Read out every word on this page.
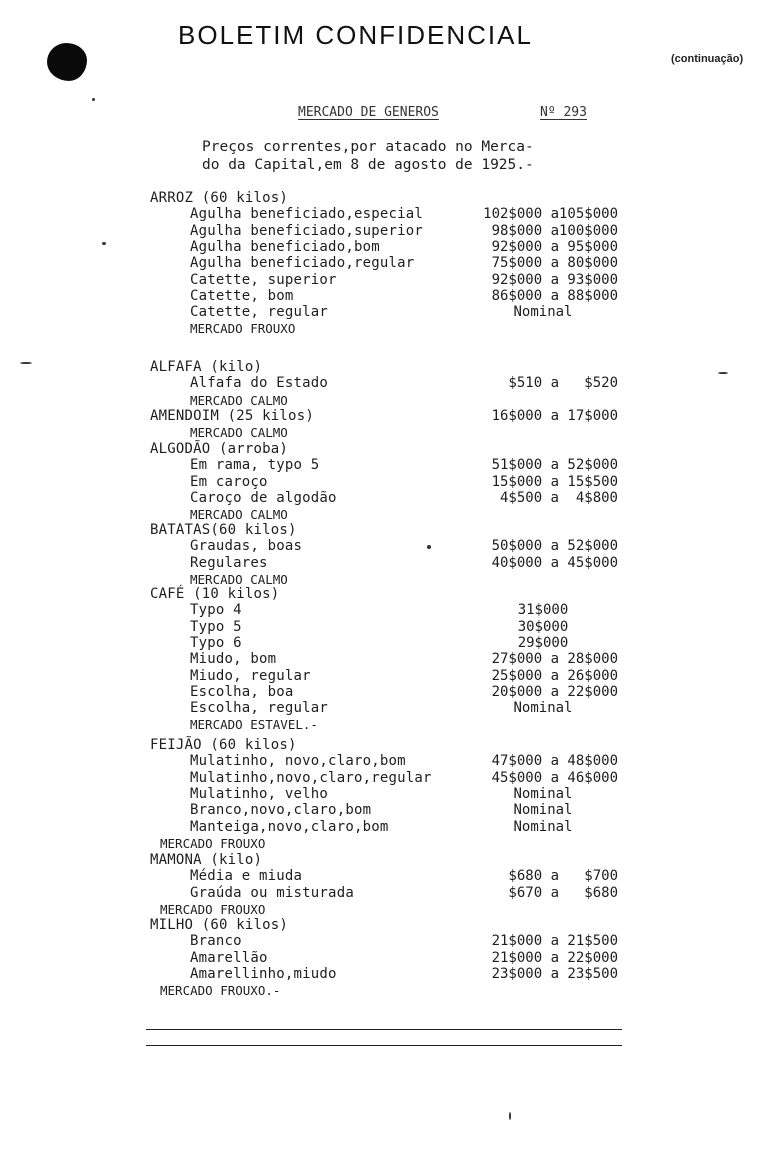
BOLETIM CONFIDENCIAL
(continuação)
MERCADO DE GENEROS	Nº 293
Preços correntes,por atacado no Merca-
do da Capital,em 8 de agosto de 1925.-
ARROZ (60 kilos)
Agulha beneficiado,especial	102$000 a105$000
Agulha beneficiado,superior	98$000 a100$000
Agulha beneficiado,bom	92$000 a 95$000
Agulha beneficiado,regular	75$000 a 80$000
Catette, superior	92$000 a 93$000
Catette, bom	86$000 a 88$000
Catette, regular	Nominal
MERCADO FROUXO
ALFAFA (kilo)
Alfafa do Estado	$510 a   $520
MERCADO CALMO
AMENDOIM (25 kilos)	16$000 a 17$000
MERCADO CALMO
ALGODÃO (arroba)
Em rama, typo 5	51$000 a 52$000
Em caroço	15$000 a 15$500
Caroço de algodão	4$500 a  4$800
MERCADO CALMO
BATATAS(60 kilos)
Graudas, boas	50$000 a 52$000
Regulares	40$000 a 45$000
MERCADO CALMO
CAFÉ (10 kilos)
Typo 4	31$000
Typo 5	30$000
Typo 6	29$000
Miudo, bom	27$000 a 28$000
Miudo, regular	25$000 a 26$000
Escolha, boa	20$000 a 22$000
Escolha, regular	Nominal
MERCADO ESTAVEL.-
FEIJÃO (60 kilos)
Mulatinho, novo,claro,bom	47$000 a 48$000
Mulatinho,novo,claro,regular	45$000 a 46$000
Mulatinho, velho	Nominal
Branco,novo,claro,bom	Nominal
Manteiga,novo,claro,bom	Nominal
MERCADO FROUXO
MAMONA (kilo)
Média e miuda	$680 a   $700
Graúda ou misturada	$670 a   $680
MERCADO FROUXO
MILHO (60 kilos)
Branco	21$000 a 21$500
Amarellão	21$000 a 22$000
Amarellinho,miudo	23$000 a 23$500
MERCADO FROUXO.-
